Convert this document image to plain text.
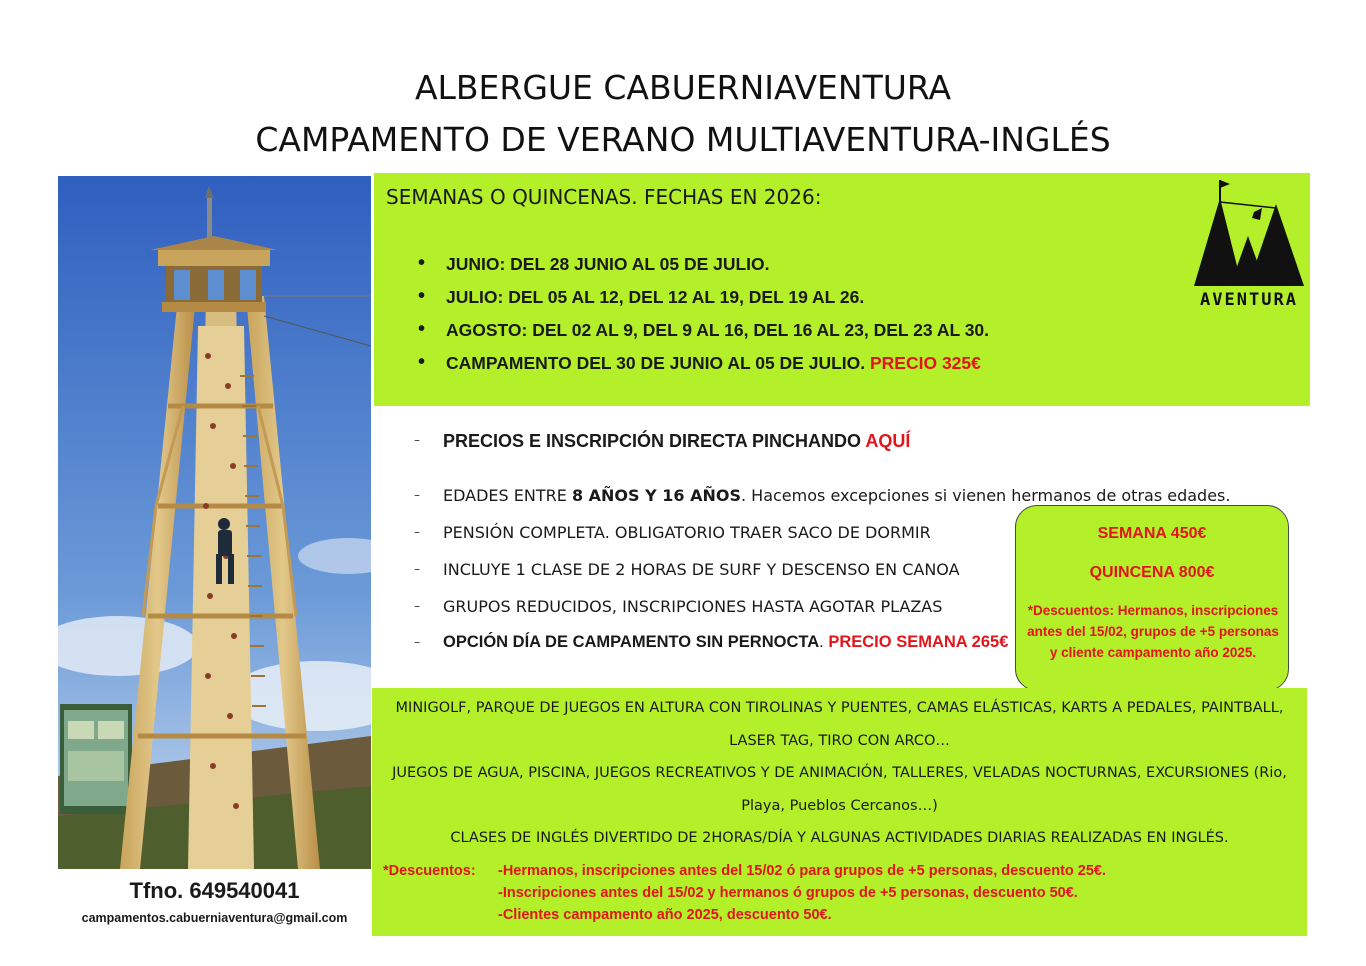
ALBERGUE CABUERNIAVENTURA
CAMPAMENTO DE VERANO MULTIAVENTURA-INGLÉS
Tfno. 649540041
campamentos.cabuerniaventura@gmail.com
SEMANAS O QUINCENAS. FECHAS EN 2026:
• JUNIO: DEL 28 JUNIO AL 05 DE JULIO.
• JULIO: DEL 05 AL 12, DEL 12 AL 19, DEL 19 AL 26.
• AGOSTO: DEL 02 AL 9, DEL 9 AL 16, DEL 16 AL 23, DEL 23 AL 30.
• CAMPAMENTO DEL 30 DE JUNIO AL 05 DE JULIO. PRECIO 325€
CABUERNI
AVENTURA
– PRECIOS E INSCRIPCIÓN DIRECTA PINCHANDO AQUÍ
– EDADES ENTRE 8 AÑOS Y 16 AÑOS. Hacemos excepciones si vienen hermanos de otras edades.
– PENSIÓN COMPLETA. OBLIGATORIO TRAER SACO DE DORMIR
– INCLUYE 1 CLASE DE 2 HORAS DE SURF Y DESCENSO EN CANOA
– GRUPOS REDUCIDOS, INSCRIPCIONES HASTA AGOTAR PLAZAS
– OPCIÓN DÍA DE CAMPAMENTO SIN PERNOCTA. PRECIO SEMANA 265€
SEMANA 450€
QUINCENA 800€
*Descuentos: Hermanos, inscripciones antes del 15/02, grupos de +5 personas y cliente campamento año 2025.
MINIGOLF, PARQUE DE JUEGOS EN ALTURA CON TIROLINAS Y PUENTES, CAMAS ELÁSTICAS, KARTS A PEDALES, PAINTBALL,
LASER TAG, TIRO CON ARCO…
JUEGOS DE AGUA, PISCINA, JUEGOS RECREATIVOS Y DE ANIMACIÓN, TALLERES, VELADAS NOCTURNAS, EXCURSIONES (Rio,
Playa, Pueblos Cercanos…)
CLASES DE INGLÉS DIVERTIDO DE 2HORAS/DÍA Y ALGUNAS ACTIVIDADES DIARIAS REALIZADAS EN INGLÉS.
*Descuentos: -Hermanos, inscripciones antes del 15/02 ó para grupos de +5 personas, descuento 25€.
-Inscripciones antes del 15/02 y hermanos ó grupos de +5 personas, descuento 50€.
-Clientes campamento año 2025, descuento 50€.
